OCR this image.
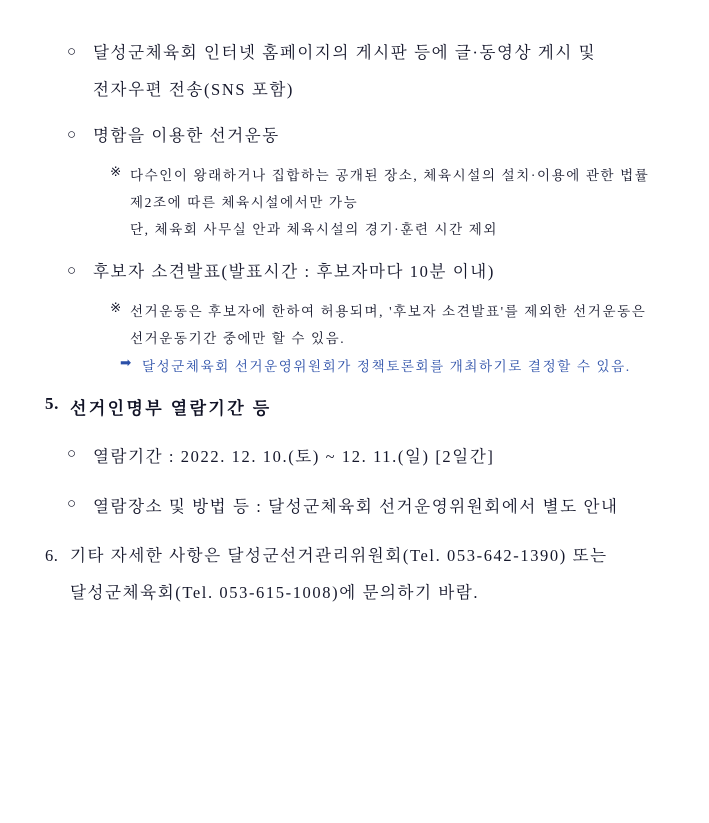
○ 달성군체육회 인터넷 홈페이지의 게시판 등에 글·동영상 게시 및
전자우편 전송(SNS 포함)
○ 명함을 이용한 선거운동
※ 다수인이 왕래하거나 집합하는 공개된 장소, 체육시설의 설치·이용에 관한 법률
제2조에 따른 체육시설에서만 가능
단, 체육회 사무실 안과 체육시설의 경기·훈련 시간 제외
○ 후보자 소견발표(발표시간 : 후보자마다 10분 이내)
※ 선거운동은 후보자에 한하여 허용되며, '후보자 소견발표'를 제외한 선거운동은
선거운동기간 중에만 할 수 있음.
➡ 달성군체육회 선거운영위원회가 정책토론회를 개최하기로 결정할 수 있음.
5. 선거인명부 열람기간 등
○ 열람기간 : 2022. 12. 10.(토) ~ 12. 11.(일) [2일간]
○ 열람장소 및 방법 등 : 달성군체육회 선거운영위원회에서 별도 안내
6. 기타 자세한 사항은 달성군선거관리위원회(Tel. 053-642-1390) 또는
달성군체육회(Tel. 053-615-1008)에 문의하기 바람.
